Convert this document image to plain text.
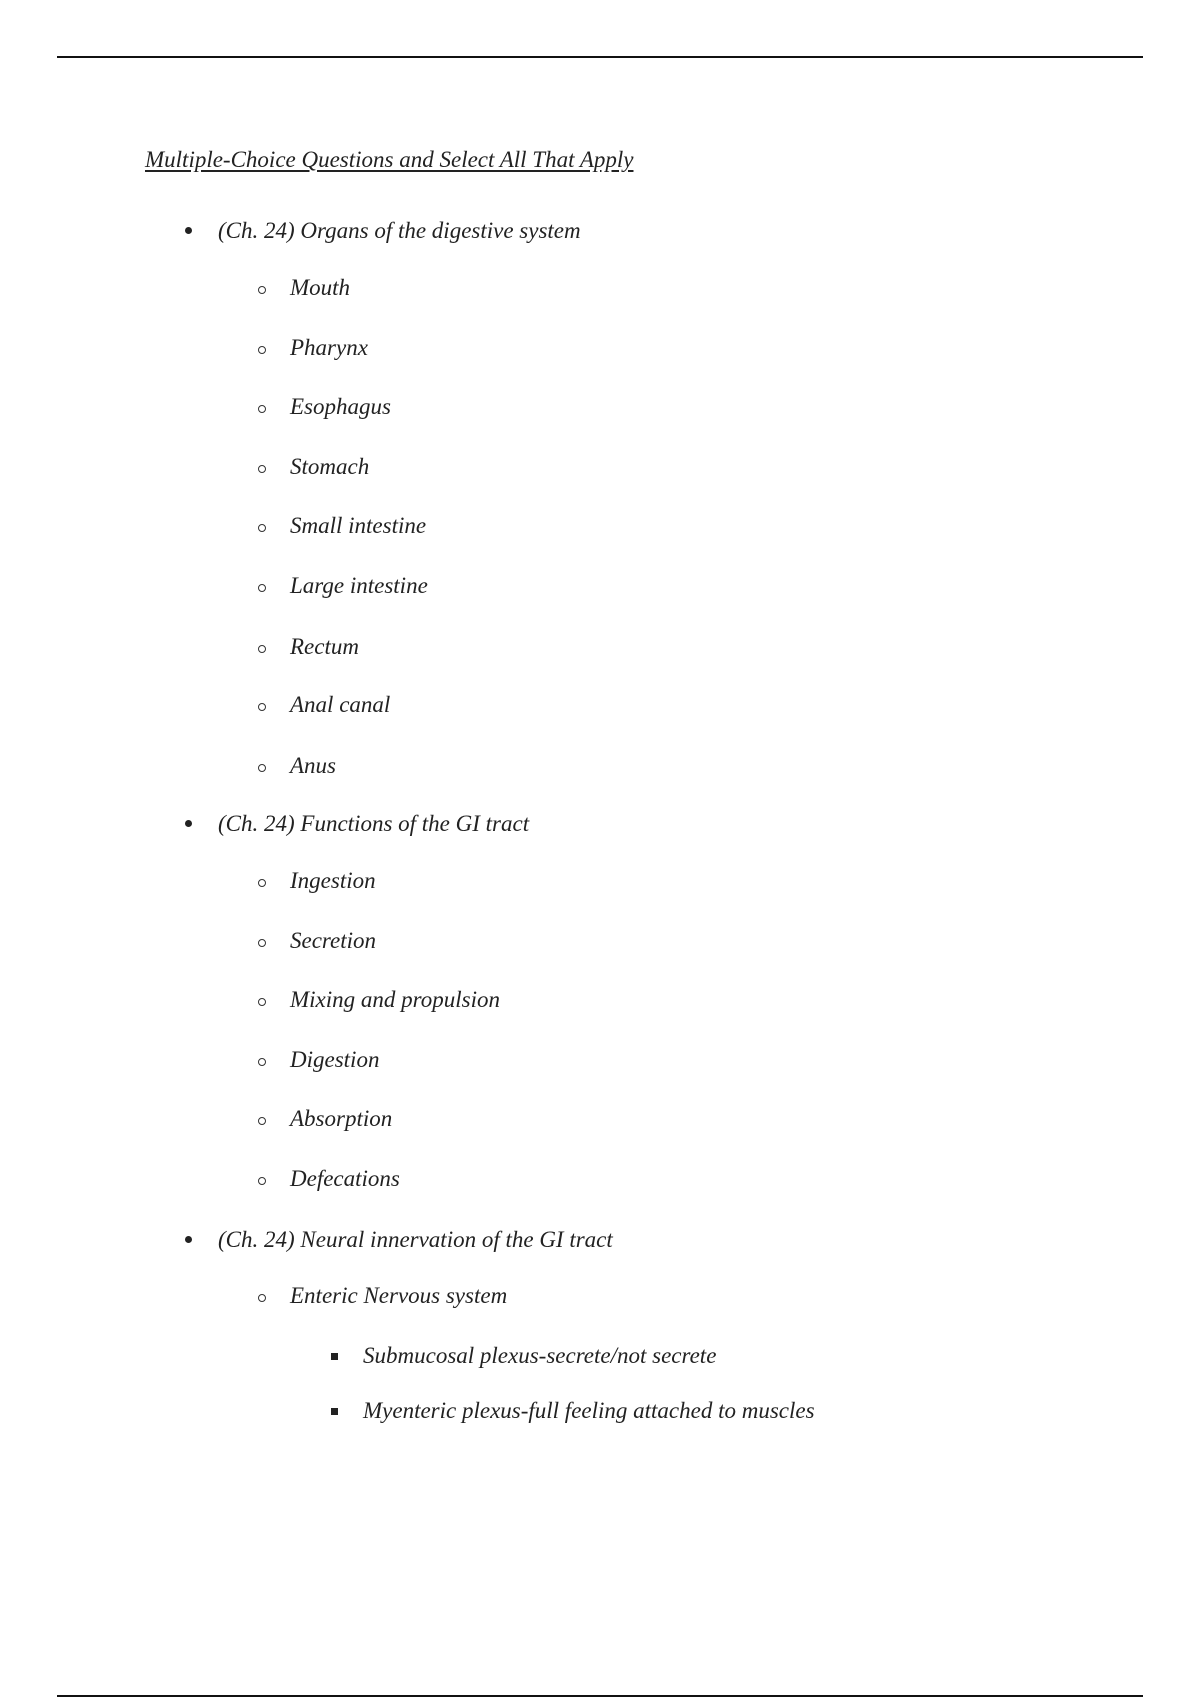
Multiple-Choice Questions and Select All That Apply
(Ch. 24) Organs of the digestive system
Mouth
Pharynx
Esophagus
Stomach
Small intestine
Large intestine
Rectum
Anal canal
Anus
(Ch. 24) Functions of the GI tract
Ingestion
Secretion
Mixing and propulsion
Digestion
Absorption
Defecations
(Ch. 24) Neural innervation of the GI tract
Enteric Nervous system
Submucosal plexus-secrete/not secrete
Myenteric plexus-full feeling attached to muscles
